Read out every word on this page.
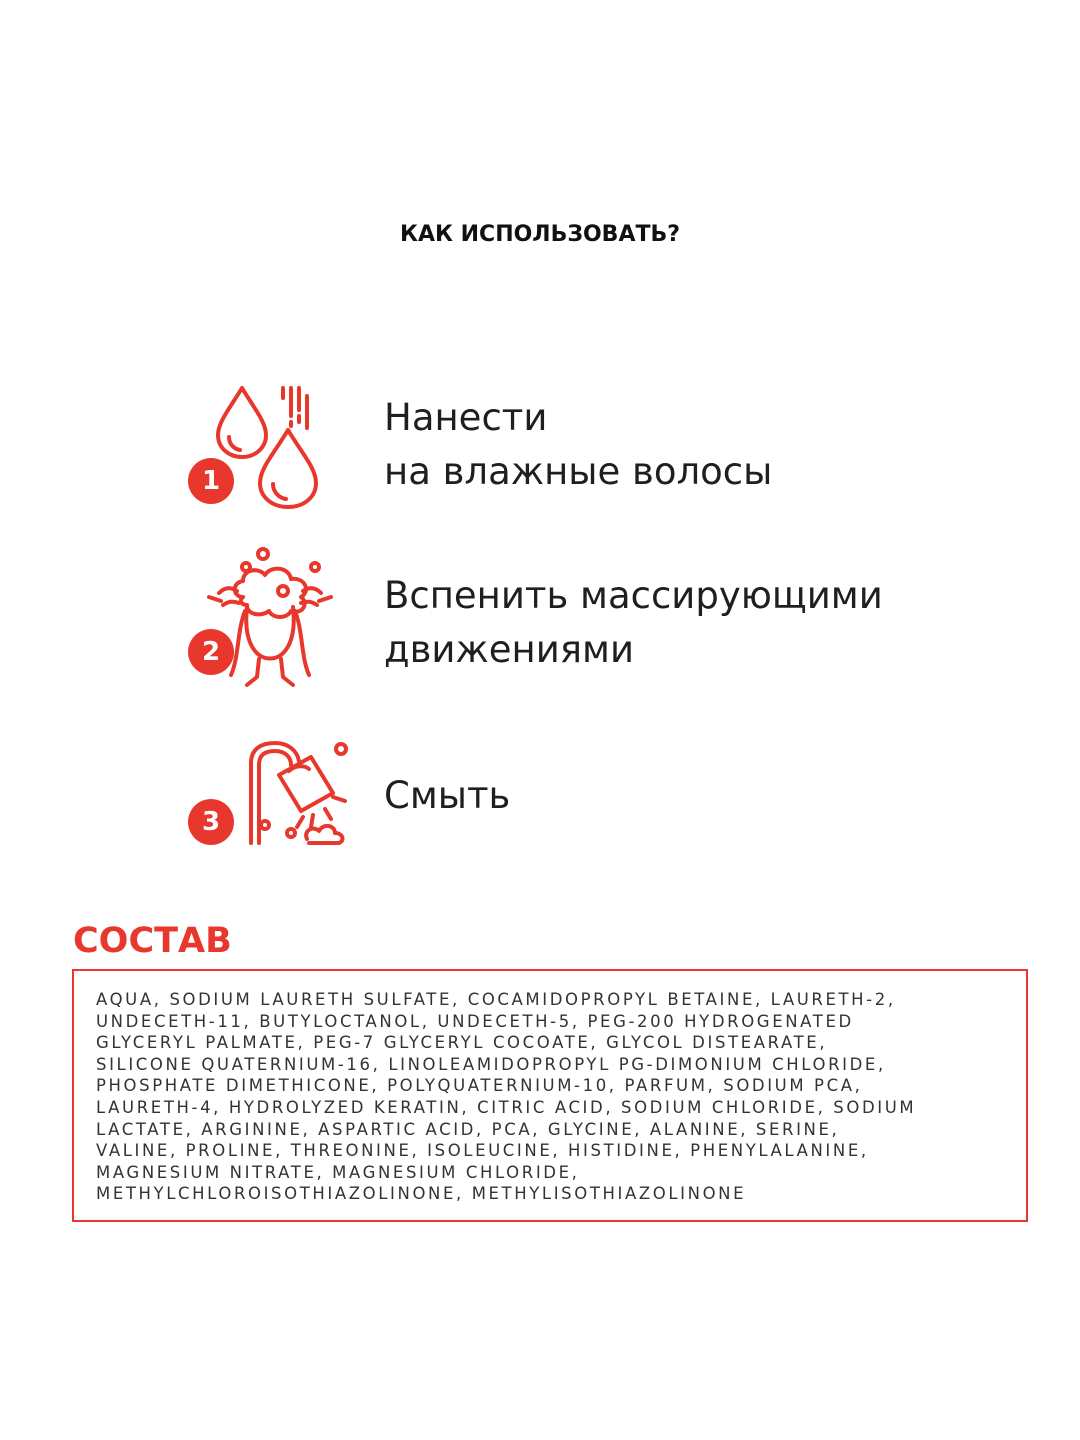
КАК ИСПОЛЬЗОВАТЬ?
1
Нанести
на влажные волосы
2
Вспенить массирующими
движениями
3
Смыть
СОСТАВ
AQUA, SODIUM LAURETH SULFATE, COCAMIDOPROPYL BETAINE, LAURETH-2,
UNDECETH-11, BUTYLOCTANOL, UNDECETH-5, PEG-200 HYDROGENATED
GLYCERYL PALMATE, PEG-7 GLYCERYL COCOATE, GLYCOL DISTEARATE,
SILICONE QUATERNIUM-16, LINOLEAMIDOPROPYL PG-DIMONIUM CHLORIDE,
PHOSPHATE DIMETHICONE, POLYQUATERNIUM-10, PARFUM, SODIUM PCA,
LAURETH-4, HYDROLYZED KERATIN, CITRIC ACID, SODIUM CHLORIDE, SODIUM
LACTATE, ARGININE, ASPARTIC ACID, PCA, GLYCINE, ALANINE, SERINE,
VALINE, PROLINE, THREONINE, ISOLEUCINE, HISTIDINE, PHENYLALANINE,
MAGNESIUM NITRATE, MAGNESIUM CHLORIDE,
METHYLCHLOROISOTHIAZOLINONE, METHYLISOTHIAZOLINONE
